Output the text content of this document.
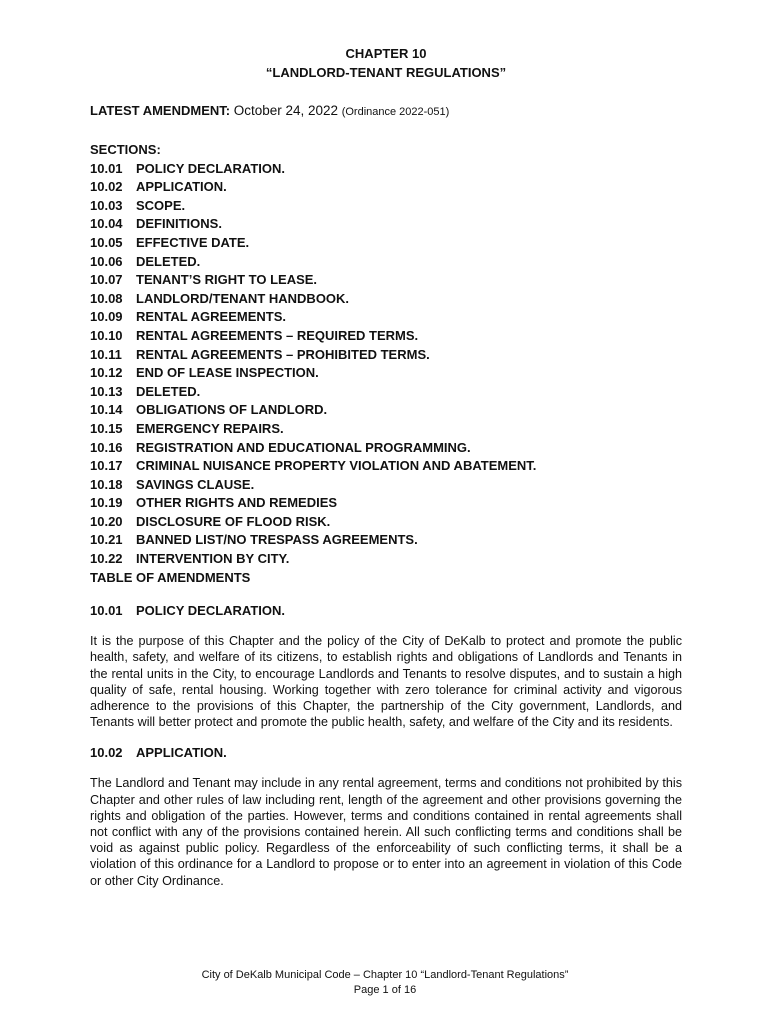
CHAPTER 10
“LANDLORD-TENANT REGULATIONS”
LATEST AMENDMENT: October 24, 2022 (Ordinance 2022-051)
SECTIONS:
10.01	POLICY DECLARATION.
10.02	APPLICATION.
10.03	SCOPE.
10.04	DEFINITIONS.
10.05	EFFECTIVE DATE.
10.06	DELETED.
10.07	TENANT’S RIGHT TO LEASE.
10.08	LANDLORD/TENANT HANDBOOK.
10.09	RENTAL AGREEMENTS.
10.10	RENTAL AGREEMENTS – REQUIRED TERMS.
10.11	RENTAL AGREEMENTS – PROHIBITED TERMS.
10.12	END OF LEASE INSPECTION.
10.13	DELETED.
10.14	OBLIGATIONS OF LANDLORD.
10.15	EMERGENCY REPAIRS.
10.16	REGISTRATION AND EDUCATIONAL PROGRAMMING.
10.17	CRIMINAL NUISANCE PROPERTY VIOLATION AND ABATEMENT.
10.18	SAVINGS CLAUSE.
10.19	OTHER RIGHTS AND REMEDIES
10.20	DISCLOSURE OF FLOOD RISK.
10.21	BANNED LIST/NO TRESPASS AGREEMENTS.
10.22	INTERVENTION BY CITY.
TABLE OF AMENDMENTS
10.01	POLICY DECLARATION.
It is the purpose of this Chapter and the policy of the City of DeKalb to protect and promote the public health, safety, and welfare of its citizens, to establish rights and obligations of Landlords and Tenants in the rental units in the City, to encourage Landlords and Tenants to resolve disputes, and to sustain a high quality of safe, rental housing. Working together with zero tolerance for criminal activity and vigorous adherence to the provisions of this Chapter, the partnership of the City government, Landlords, and Tenants will better protect and promote the public health, safety, and welfare of the City and its residents.
10.02	APPLICATION.
The Landlord and Tenant may include in any rental agreement, terms and conditions not prohibited by this Chapter and other rules of law including rent, length of the agreement and other provisions governing the rights and obligation of the parties. However, terms and conditions contained in rental agreements shall not conflict with any of the provisions contained herein. All such conflicting terms and conditions shall be void as against public policy. Regardless of the enforceability of such conflicting terms, it shall be a violation of this ordinance for a Landlord to propose or to enter into an agreement in violation of this Code or other City Ordinance.
City of DeKalb Municipal Code – Chapter 10 “Landlord-Tenant Regulations”
Page 1 of 16
